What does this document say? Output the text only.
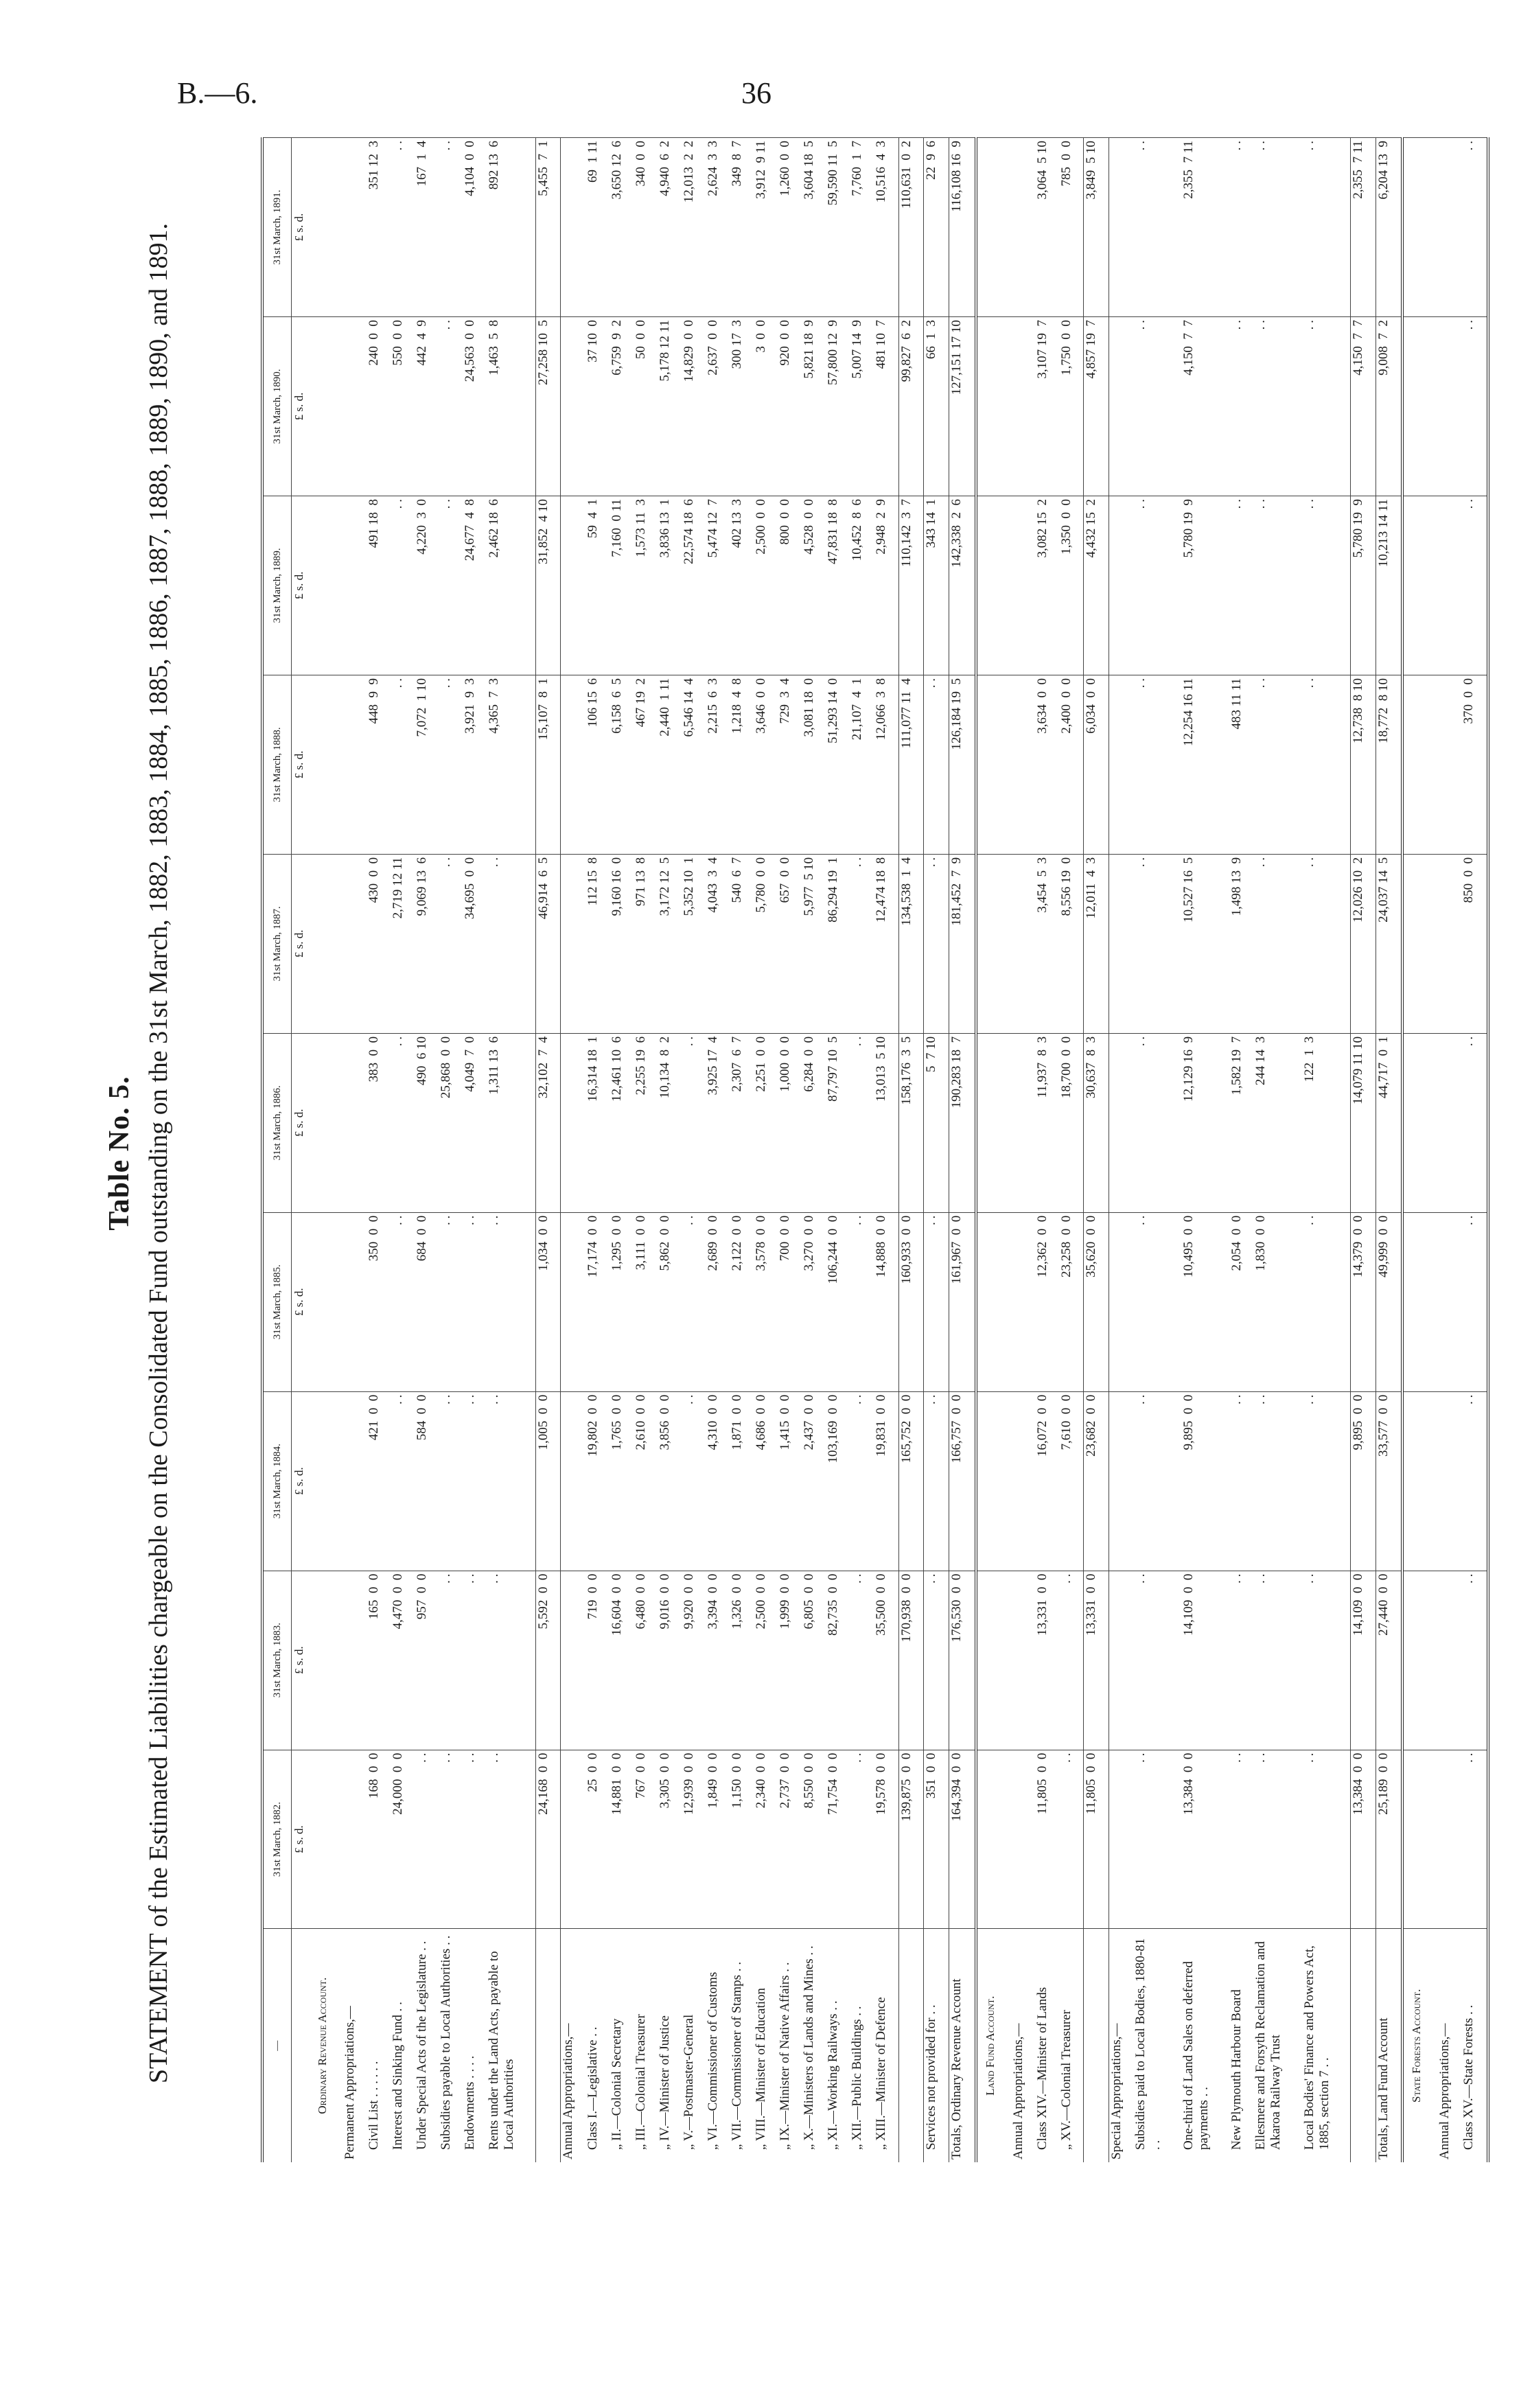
B.—6.	36
Table No. 5. STATEMENT of the Estimated Liabilities chargeable on the Consolidated Fund outstanding on the 31st March, 1882, 1883, 1884, 1885, 1886, 1887, 1888, 1889, 1890, and 1891.	—	31st March, 1882.	31st March, 1883.	31st March, 1884.	31st March, 1885.	31st March, 1886.	31st March, 1887.	31st March, 1888.	31st March, 1889.	31st March, 1890.	31st March, 1891.
	£ s. d.	£ s. d.	£ s. d.	£ s. d.	£ s. d.	£ s. d.	£ s. d.	£ s. d.	£ s. d.	£ s. d.
Ordinary Revenue Account.										
Permanent Appropriations,—										
Civil List . . . . . .	168  0  0	165  0  0	421  0  0	350  0  0	383  0  0	430  0  0	448  9  9	491 18  8	240  0  0	351 12  3
Interest and Sinking Fund . .	24,000  0  0	4,470  0  0	. .	. .	. .	2,719 12 11	. .	. .	550  0  0	. .
Under Special Acts of the Legislature . .	. .	957  0  0	584  0  0	684  0  0	490  6 10	9,069 13  6	7,072  1 10	4,220  3  0	442  4  9	167  1  4
Subsidies payable to Local Authorities . .	. .	. .	. .	. .	25,868  0  0	. .	. .	. .	. .	. .
Endowments . . . .	. .	. .	. .	. .	4,049  7  0	34,695  0  0	3,921  9  3	24,677  4  8	24,563  0  0	4,104  0  0
Rents under the Land Acts, payable to Local Authorities	. .	. .	. .	. .	1,311 13  6	. .	4,365  7  3	2,462 18  6	1,463  5  8	892 13  6
	24,168  0  0	5,592  0  0	1,005  0  0	1,034  0  0	32,102  7  4	46,914  6  5	15,107  8  1	31,852  4 10	27,258 10  5	5,455  7  1
Annual Appropriations,—										
Class I.—Legislative . .	25  0  0	719  0  0	19,802  0  0	17,174  0  0	16,314 18  1	112 15  8	106 15  6	59  4  1	37 10  0	69  1 11
„ II.—Colonial Secretary	14,881  0  0	16,604  0  0	1,765  0  0	1,295  0  0	12,461 10  6	9,160 16  0	6,158  6  5	7,160  0 11	6,759  9  2	3,650 12  6
„ III.—Colonial Treasurer	767  0  0	6,480  0  0	2,610  0  0	3,111  0  0	2,255 19  6	971 13  8	467 19  2	1,573 11  3	50  0  0	340  0  0
„ IV.—Minister of Justice	3,305  0  0	9,016  0  0	3,856  0  0	5,862  0  0	10,134  8  2	3,172 12  5	2,440  1 11	3,836 13  1	5,178 12 11	4,940  6  2
„ V.—Postmaster-General	12,939  0  0	9,920  0  0	. .	. .	. .	5,352 10  1	6,546 14  4	22,574 18  6	14,829  0  0	12,013  2  2
„ VI.—Commissioner of Customs	1,849  0  0	3,394  0  0	4,310  0  0	2,689  0  0	3,925 17  4	4,043  3  4	2,215  6  3	5,474 12  7	2,637  0  0	2,624  3  3
„ VII.—Commissioner of Stamps . .	1,150  0  0	1,326  0  0	1,871  0  0	2,122  0  0	2,307  6  7	540  6  7	1,218  4  8	402 13  3	300 17  3	349  8  7
„ VIII.—Minister of Education	2,340  0  0	2,500  0  0	4,686  0  0	3,578  0  0	2,251  0  0	5,780  0  0	3,646  0  0	2,500  0  0	3  0  0	3,912  9 11
„ IX.—Minister of Native Affairs . .	2,737  0  0	1,999  0  0	1,415  0  0	700  0  0	1,000  0  0	657  0  0	729  3  4	800  0  0	920  0  0	1,260  0  0
„ X.—Ministers of Lands and Mines . .	8,550  0  0	6,805  0  0	2,437  0  0	3,270  0  0	6,284  0  0	5,977  5 10	3,081 18  0	4,528  0  0	5,821 18  9	3,604 18  5
„ XI.—Working Railways . .	71,754  0  0	82,735  0  0	103,169  0  0	106,244  0  0	87,797 10  5	86,294 19  1	51,293 14  0	47,831 18  8	57,800 12  9	59,590 11  5
„ XII.—Public Buildings . .	. .	. .	. .	. .	. .	. .	21,107  4  1	10,452  8  6	5,007 14  9	7,760  1  7
„ XIII.—Minister of Defence	19,578  0  0	35,500  0  0	19,831  0  0	14,888  0  0	13,013  5 10	12,474 18  8	12,066  3  8	2,948  2  9	481 10  7	10,516  4  3
	139,875  0  0	170,938  0  0	165,752  0  0	160,933  0  0	158,176  3  5	134,538  1  4	111,077 11  4	110,142  3  7	99,827  6  2	110,631  0  2
Services not provided for . .	351  0  0	. .	. .	. .	5  7 10	. .	. .	343 14  1	66  1  3	22  9  6
Totals, Ordinary Revenue Account	164,394  0  0	176,530  0  0	166,757  0  0	161,967  0  0	190,283 18  7	181,452  7  9	126,184 19  5	142,338  2  6	127,151 17 10	116,108 16  9
Land Fund Account.										
Annual Appropriations,—										
Class XIV.—Minister of Lands	11,805  0  0	13,331  0  0	16,072  0  0	12,362  0  0	11,937  8  3	3,454  5  3	3,634  0  0	3,082 15  2	3,107 19  7	3,064  5 10
„ XV.—Colonial Treasurer	. .	. .	7,610  0  0	23,258  0  0	18,700  0  0	8,556 19  0	2,400  0  0	1,350  0  0	1,750  0  0	785  0  0
	11,805  0  0	13,331  0  0	23,682  0  0	35,620  0  0	30,637  8  3	12,011  4  3	6,034  0  0	4,432 15  2	4,857 19  7	3,849  5 10
Special Appropriations,—										
Subsidies paid to Local Bodies, 1880-81 . .	. .	. .	. .	. .	. .	. .	. .	. .	. .	. .
One-third of Land Sales on deferred payments . .	13,384  0  0	14,109  0  0	9,895  0  0	10,495  0  0	12,129 16  9	10,527 16  5	12,254 16 11	5,780 19  9	4,150  7  7	2,355  7 11
New Plymouth Harbour Board	. .	. .	. .	2,054  0  0	1,582 19  7	1,498 13  9	483 11 11	. .	. .	. .
Ellesmere and Forsyth Reclamation and Akaroa Railway Trust	. .	. .	. .	1,830  0  0	244 14  3	. .	. .	. .	. .	. .
Local Bodies' Finance and Powers Act, 1885, section 7 . .	. .	. .	. .	. .	122  1  3	. .	. .	. .	. .	. .
	13,384  0  0	14,109  0  0	9,895  0  0	14,379  0  0	14,079 11 10	12,026 10  2	12,738  8 10	5,780 19  9	4,150  7  7	2,355  7 11
Totals, Land Fund Account	25,189  0  0	27,440  0  0	33,577  0  0	49,999  0  0	44,717  0  1	24,037 14  5	18,772  8 10	10,213 14 11	9,008  7  2	6,204 13  9
State Forests Account.										
Annual Appropriations,—										
Class XV.—State Forests . .	. .	. .	. .	. .	. .	850  0  0	370  0  0	. .	. .	. .
